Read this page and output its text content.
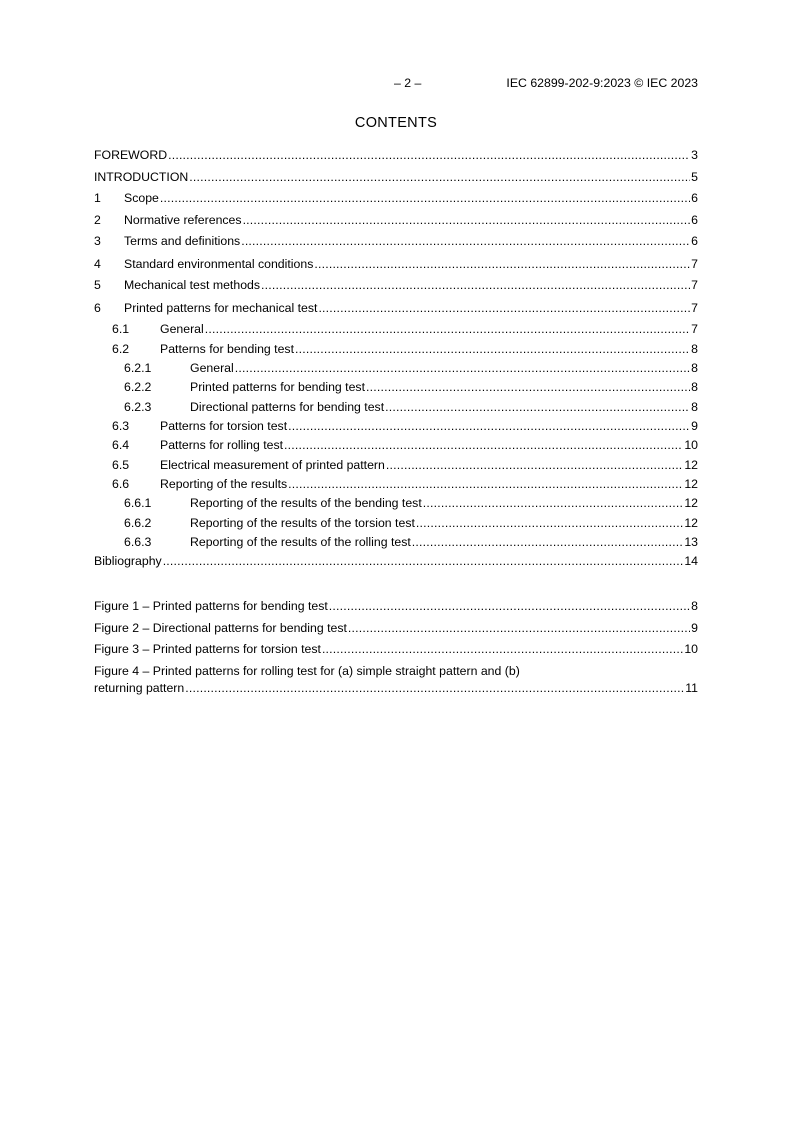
– 2 –	IEC 62899-202-9:2023 © IEC 2023
CONTENTS
FOREWORD .....	3
INTRODUCTION .....	5
1	Scope .....	6
2	Normative references .....	6
3	Terms and definitions .....	6
4	Standard environmental conditions .....	7
5	Mechanical test methods .....	7
6	Printed patterns for mechanical test .....	7
6.1	General .....	7
6.2	Patterns for bending test .....	8
6.2.1	General .....	8
6.2.2	Printed patterns for bending test .....	8
6.2.3	Directional patterns for bending test .....	8
6.3	Patterns for torsion test .....	9
6.4	Patterns for rolling test .....	10
6.5	Electrical measurement of printed pattern .....	12
6.6	Reporting of the results .....	12
6.6.1	Reporting of the results of the bending test .....	12
6.6.2	Reporting of the results of the torsion test .....	12
6.6.3	Reporting of the results of the rolling test .....	13
Bibliography .....	14
Figure 1 – Printed patterns for bending test .....	8
Figure 2 – Directional patterns for bending test .....	9
Figure 3 – Printed patterns for torsion test .....	10
Figure 4 – Printed patterns for rolling test for (a) simple straight pattern and (b)
returning pattern .....	11
